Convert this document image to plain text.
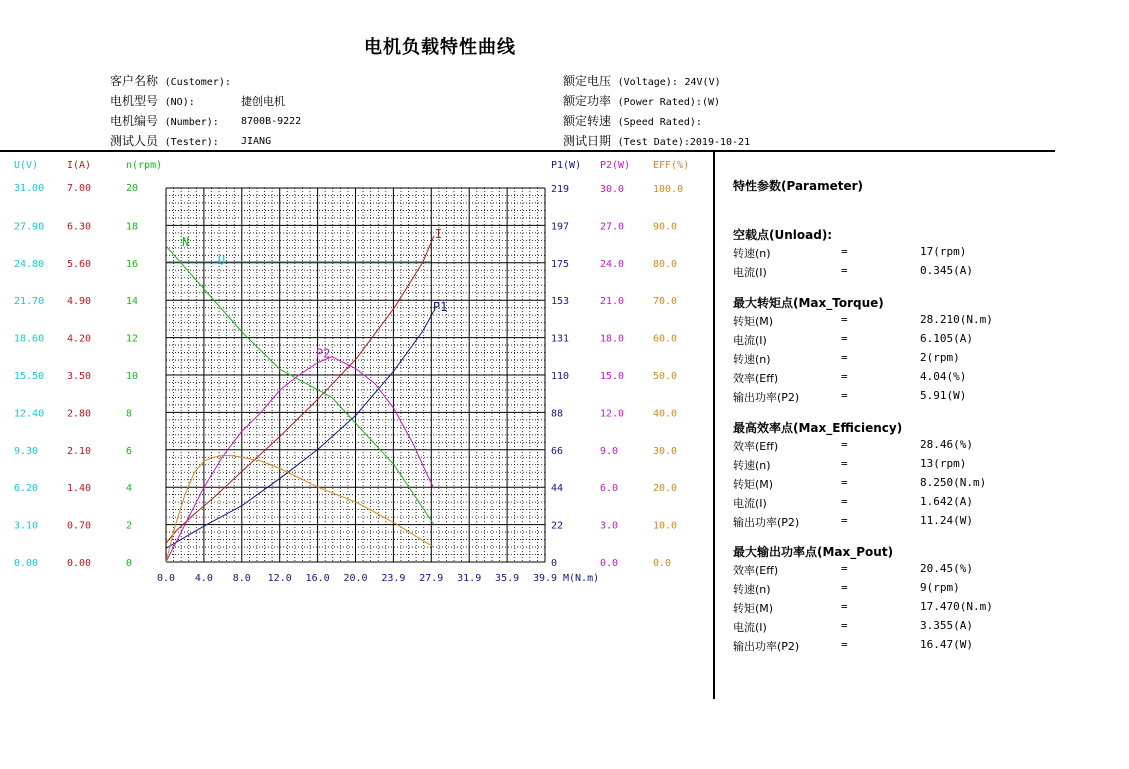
电机负载特性曲线
客户名称 (Customer):
电机型号 (NO):	捷创电机
电机编号 (Number): 8700B-9222
测试人员 (Tester): JIANG
额定电压 (Voltage): 24V(V)
额定功率 (Power Rated):(W)
额定转速 (Speed Rated):
测试日期 (Test Date):2019-10-21
U(V)
31.00
27.90
24.80
21.70
18.60
15.50
12.40
9.30
6.20
3.10
0.00
I(A)
7.00
6.30
5.60
4.90
4.20
3.50
2.80
2.10
1.40
0.70
0.00
n(rpm)
20
18
16
14
12
10
8
6
4
2
0
P1(W)
219
197
175
153
131
110
88
66
44
22
0
P2(W)
30.0
27.0
24.0
21.0
18.0
15.0
12.0
9.0
6.0
3.0
0.0
EFF(%)
100.0
90.0
80.0
70.0
60.0
50.0
40.0
30.0
20.0
10.0
0.0
0.0 4.0 8.0 12.0 16.0 20.0 23.9 27.9 31.9 35.9 39.9 M(N.m)
I
P1
P2
N
U
特性参数(Parameter)
空载点(Unload):
转速(n)	=	17(rpm)
电流(I)	=	0.345(A)
最大转矩点(Max_Torque)
转矩(M)	=	28.210(N.m)
电流(I)	=	6.105(A)
转速(n)	=	2(rpm)
效率(Eff)	=	4.04(%)
输出功率(P2)	=	5.91(W)
最高效率点(Max_Efficiency)
效率(Eff)	=	28.46(%)
转速(n)	=	13(rpm)
转矩(M)	=	8.250(N.m)
电流(I)	=	1.642(A)
输出功率(P2)	=	11.24(W)
最大输出功率点(Max_Pout)
效率(Eff)	=	20.45(%)
转速(n)	=	9(rpm)
转矩(M)	=	17.470(N.m)
电流(I)	=	3.355(A)
输出功率(P2)	=	16.47(W)
